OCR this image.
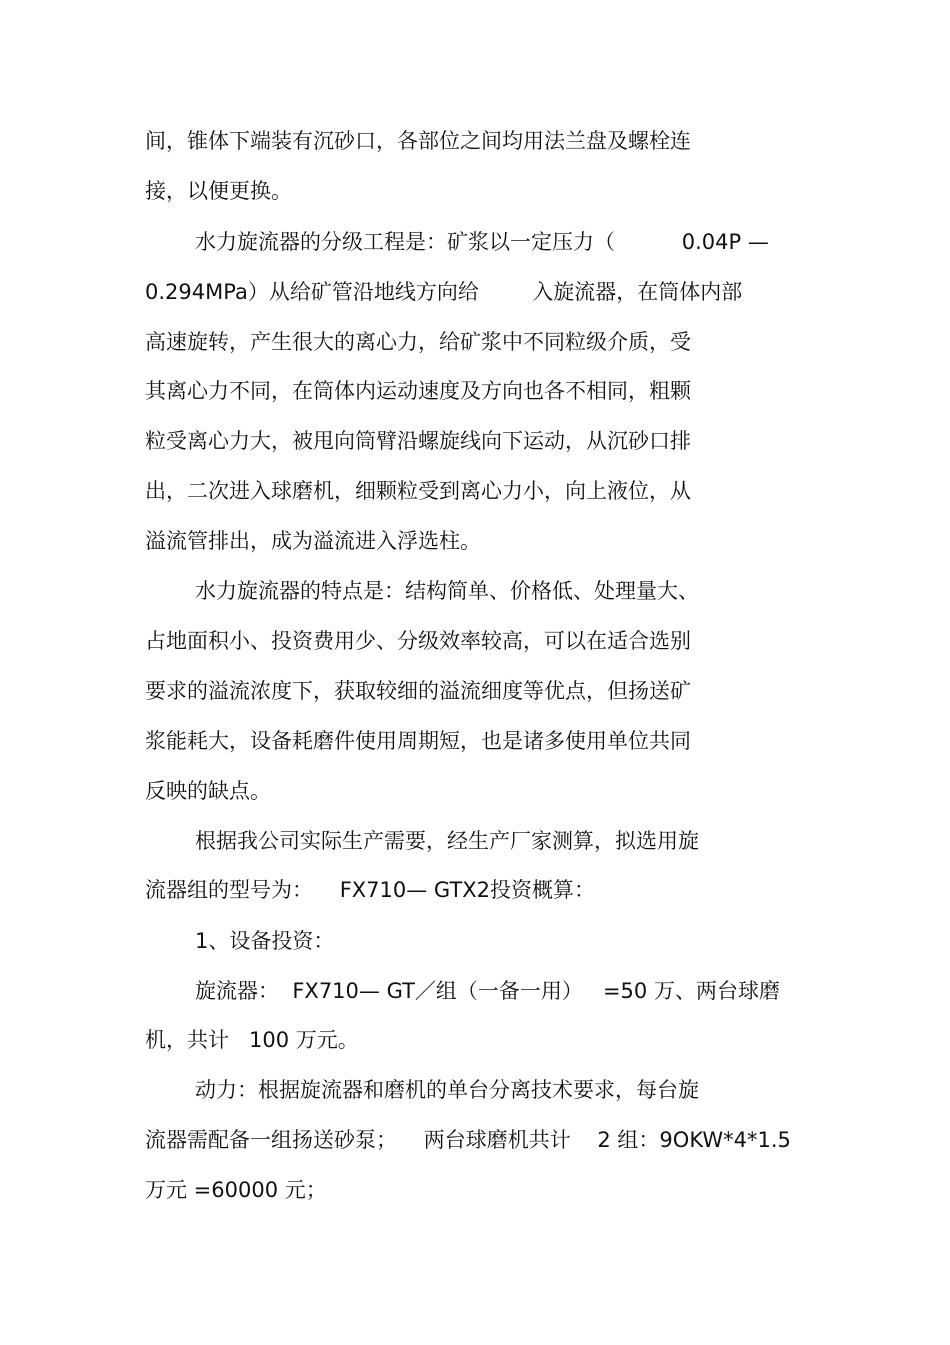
间，锥体下端装有沉砂口，各部位之间均用法兰盘及螺栓连
接，以便更换。
水力旋流器的分级工程是：矿浆以一定压力（          0.04P —
0.294MPa）从给矿管沿地线方向给        入旋流器，在筒体内部
高速旋转，产生很大的离心力，给矿浆中不同粒级介质，受
其离心力不同，在筒体内运动速度及方向也各不相同，粗颗
粒受离心力大，被甩向筒臂沿螺旋线向下运动，从沉砂口排
出，二次进入球磨机，细颗粒受到离心力小，向上液位，从
溢流管排出，成为溢流进入浮选柱。
水力旋流器的特点是：结构简单、价格低、处理量大、
占地面积小、投资费用少、分级效率较高，可以在适合选别
要求的溢流浓度下，获取较细的溢流细度等优点，但扬送矿
浆能耗大，设备耗磨件使用周期短，也是诸多使用单位共同
反映的缺点。
根据我公司实际生产需要，经生产厂家测算，拟选用旋
流器组的型号为：    FX710— GTX2投资概算：
1、设备投资：
旋流器：  FX710— GT／组（一备一用）   =50 万、两台球磨
机，共计   100 万元。
动力：根据旋流器和磨机的单台分离技术要求，每台旋
流器需配备一组扬送砂泵；    两台球磨机共计    2 组：9OKW*4*1.5
万元 =60000 元；
